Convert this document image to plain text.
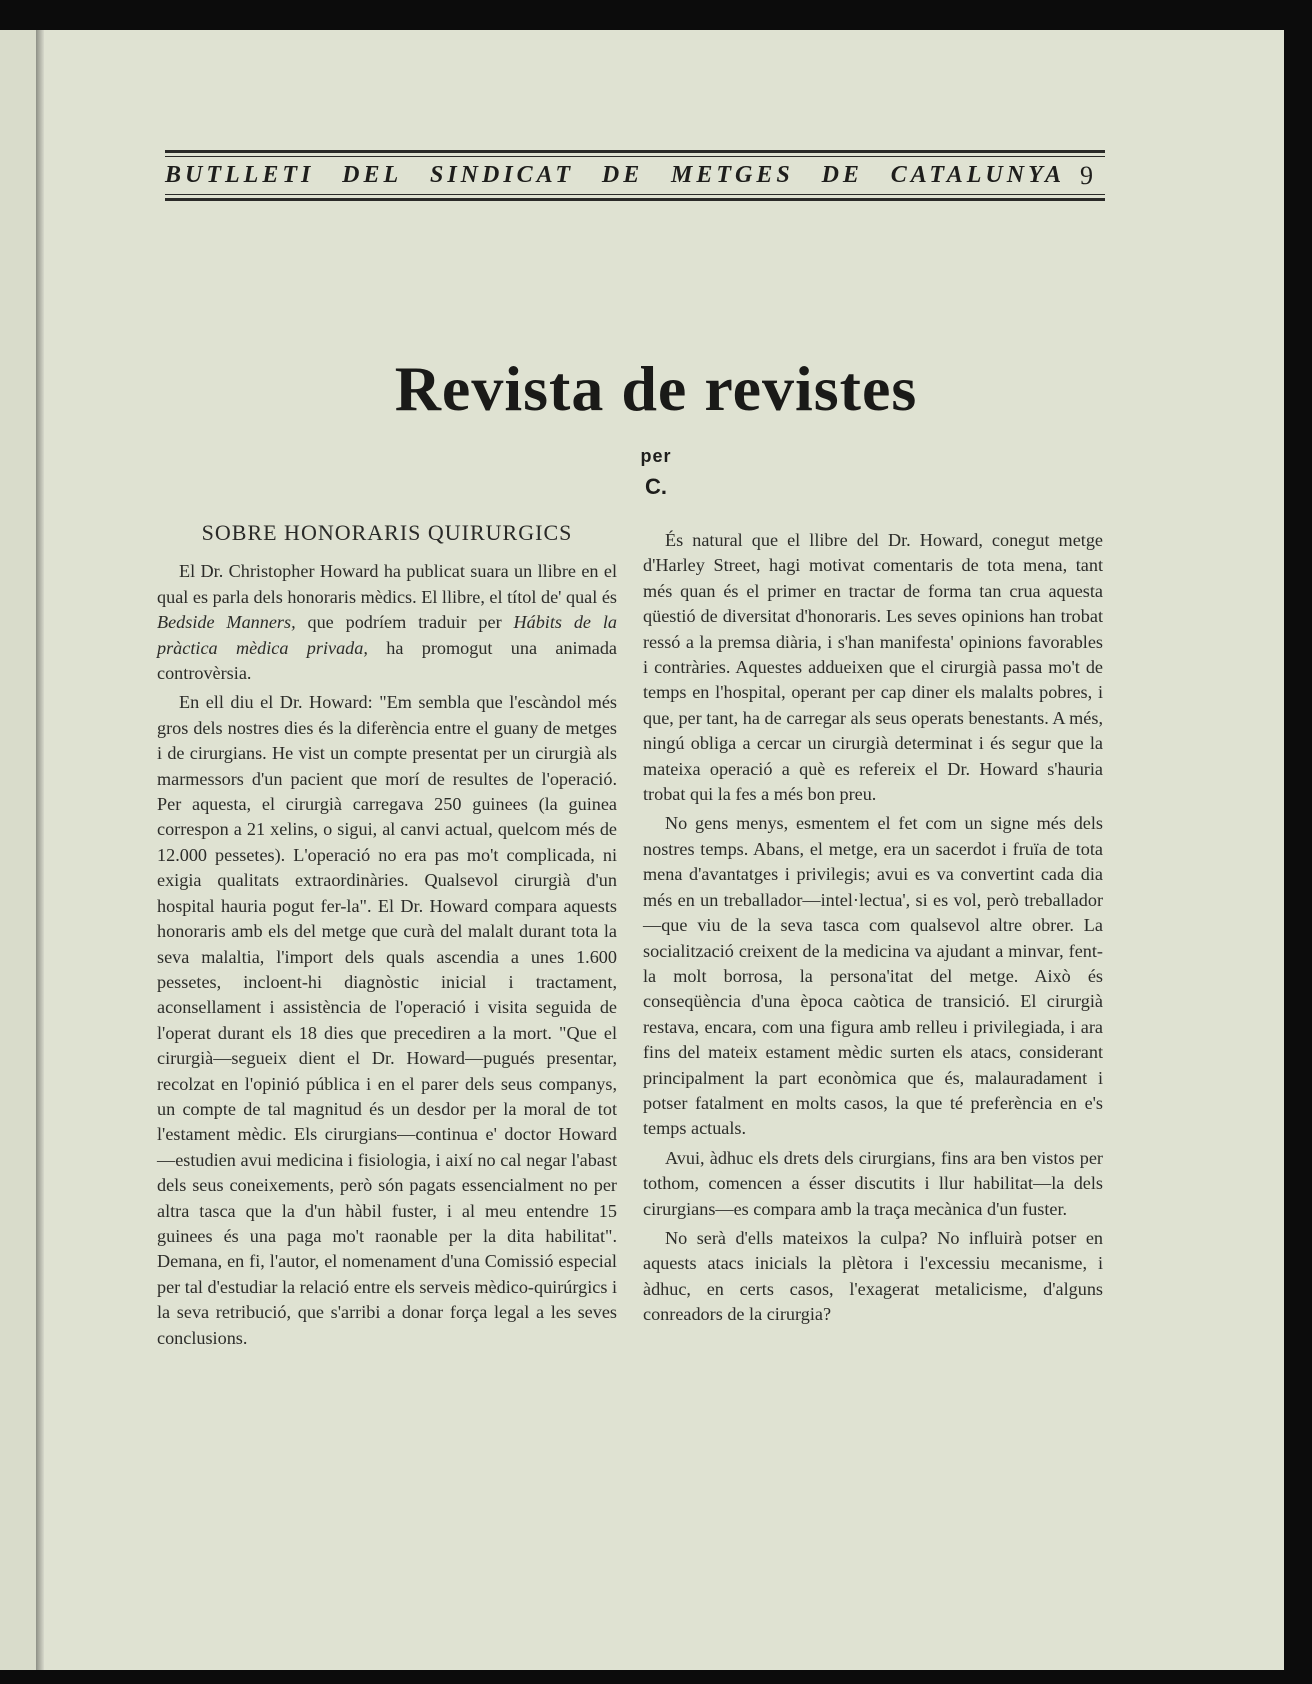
BUTLLETI DEL SINDICAT DE METGES DE CATALUNYA 9
Revista de revistes
per
C.
SOBRE HONORARIS QUIRURGICS

El Dr. Christopher Howard ha publicat suara un llibre en el qual es parla dels honoraris mèdics. El llibre, el títol de' qual és Bedside Manners, que podríem traduir per Hábits de la pràctica mèdica privada, ha promogut una animada controvèrsia.

En ell diu el Dr. Howard: "Em sembla que l'escàndol més gros dels nostres dies és la diferència entre el guany de metges i de cirurgians. He vist un compte presentat per un cirurgià als marmessors d'un pacient que morí de resultes de l'operació. Per aquesta, el cirurgià carregava 250 guinees (la guinea correspon a 21 xelins, o sigui, al canvi actual, quelcom més de 12.000 pessetes). L'operació no era pas mo't complicada, ni exigia qualitats extraordinàries. Qualsevol cirurgià d'un hospital hauria pogut fer-la". El Dr. Howard compara aquests honoraris amb els del metge que curà del malalt durant tota la seva malaltia, l'import dels quals ascendia a unes 1.600 pessetes, incloent-hi diagnòstic inicial i tractament, aconsellament i assistència de l'operació i visita seguida de l'operat durant els 18 dies que precediren a la mort. "Que el cirurgià—segueix dient el Dr. Howard—pugués presentar, recolzat en l'opinió pública i en el parer dels seus companys, un compte de tal magnitud és un desdor per la moral de tot l'estament mèdic. Els cirurgians—continua e' doctor Howard—estudien avui medicina i fisiologia, i així no cal negar l'abast dels seus coneixements, però són pagats essencialment no per altra tasca que la d'un hàbil fuster, i al meu entendre 15 guinees és una paga mo't raonable per la dita habilitat". Demana, en fi, l'autor, el nomenament d'una Comissió especial per tal d'estudiar la relació entre els serveis mèdico-quirúrgics i la seva retribució, que s'arribi a donar força legal a les seves conclusions.

És natural que el llibre del Dr. Howard, conegut metge d'Harley Street, hagi motivat comentaris de tota mena, tant més quan és el primer en tractar de forma tan crua aquesta qüestió de diversitat d'honoraris. Les seves opinions han trobat ressó a la premsa diària, i s'han manifesta' opinions favorables i contràries. Aquestes addueixen que el cirurgià passa mo't de temps en l'hospital, operant per cap diner els malalts pobres, i que, per tant, ha de carregar als seus operats benestants. A més, ningú obliga a cercar un cirurgià determinat i és segur que la mateixa operació a què es refereix el Dr. Howard s'hauria trobat qui la fes a més bon preu.

No gens menys, esmentem el fet com un signe més dels nostres temps. Abans, el metge, era un sacerdot i fruïa de tota mena d'avantatges i privilegis; avui es va convertint cada dia més en un treballador—intel·lectua', si es vol, però treballador—que viu de la seva tasca com qualsevol altre obrer. La socialització creixent de la medicina va ajudant a minvar, fent-la molt borrosa, la persona'itat del metge. Això és conseqüència d'una època caòtica de transició. El cirurgià restava, encara, com una figura amb relleu i privilegiada, i ara fins del mateix estament mèdic surten els atacs, considerant principalment la part econòmica que és, malauradament i potser fatalment en molts casos, la que té preferència en e's temps actuals.

Avui, àdhuc els drets dels cirurgians, fins ara ben vistos per tothom, comencen a ésser discutits i llur habilitat—la dels cirurgians—es compara amb la traça mecànica d'un fuster.

No serà d'ells mateixos la culpa? No influirà potser en aquests atacs inicials la plètora i l'excessiu mecanisme, i àdhuc, en certs casos, l'exagerat metalicisme, d'alguns conreadors de la cirurgia?
